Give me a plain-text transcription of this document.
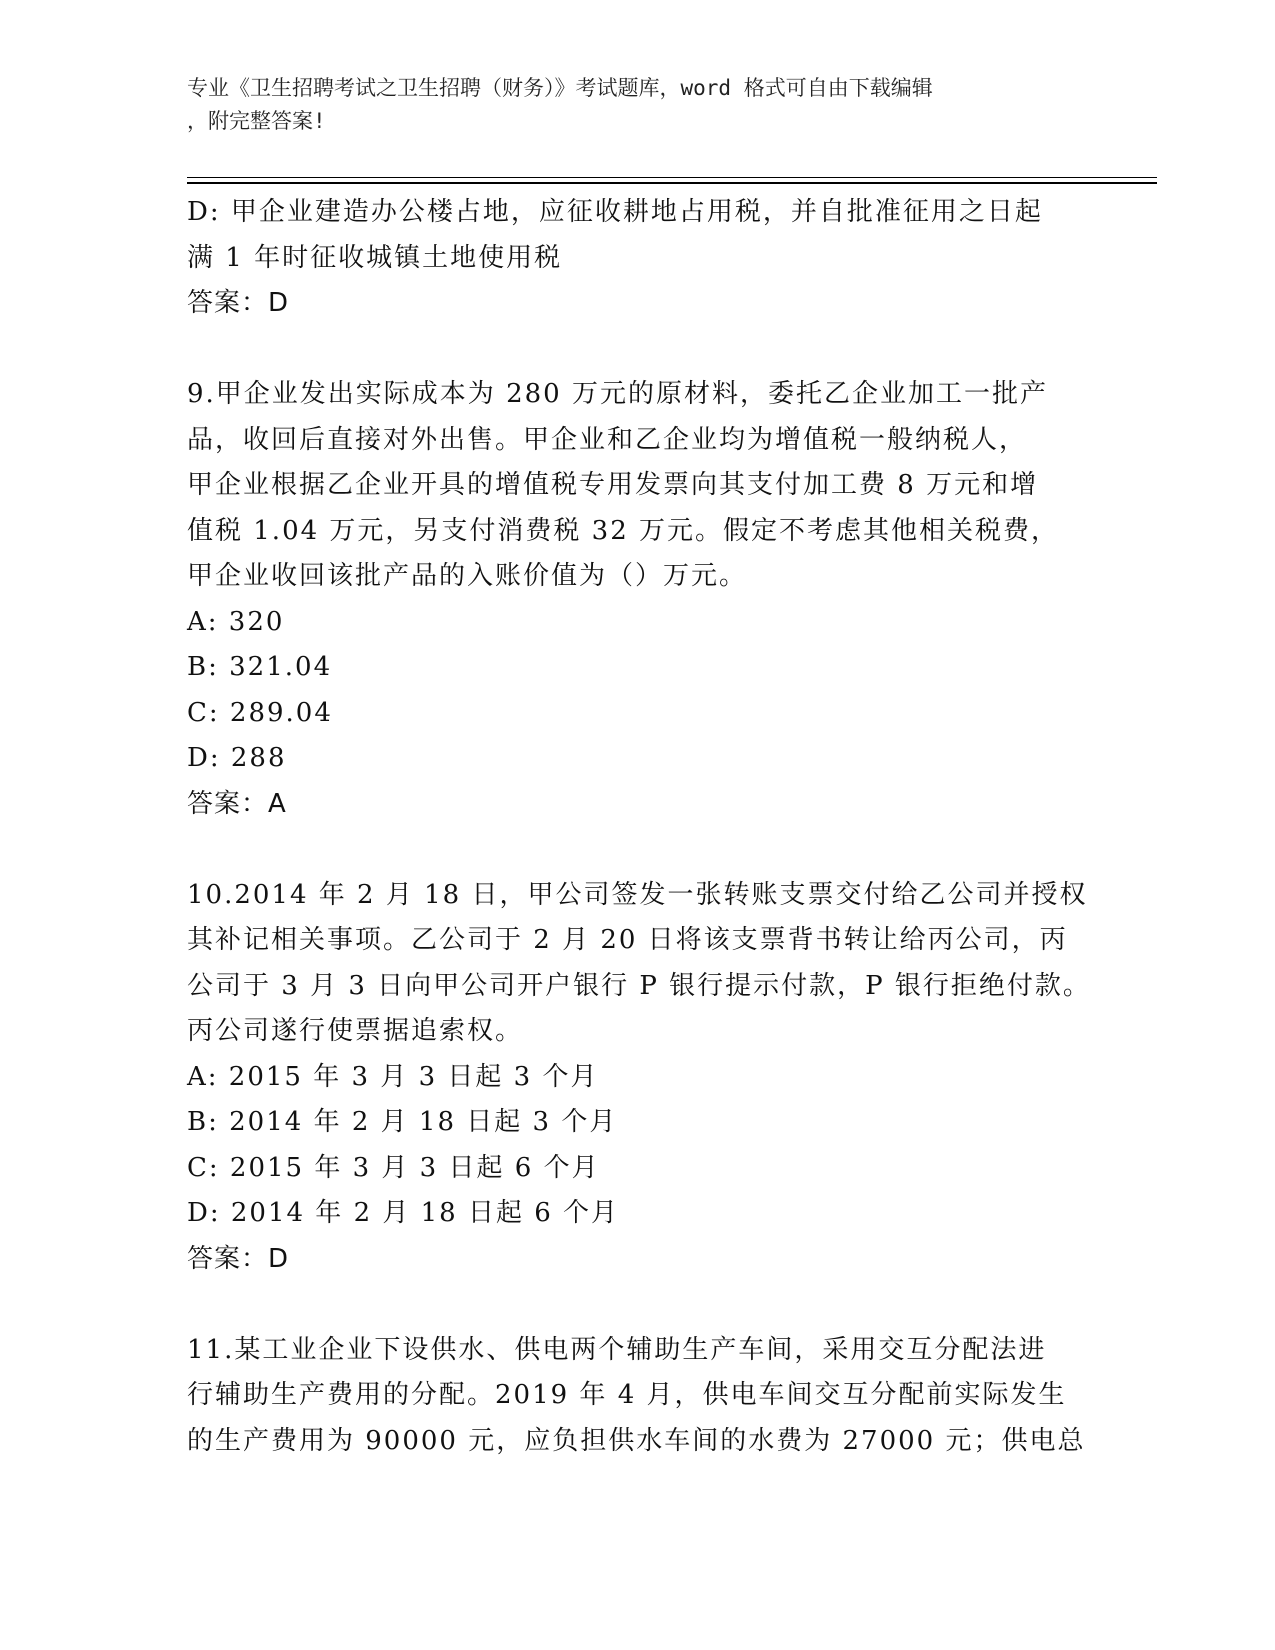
专业《卫生招聘考试之卫生招聘（财务）》考试题库，word 格式可自由下载编辑
，附完整答案!
D: 甲企业建造办公楼占地，应征收耕地占用税，并自批准征用之日起
满 1 年时征收城镇土地使用税
答案：D
9.甲企业发出实际成本为 280 万元的原材料，委托乙企业加工一批产
品，收回后直接对外出售。甲企业和乙企业均为增值税一般纳税人，
甲企业根据乙企业开具的增值税专用发票向其支付加工费 8 万元和增
值税 1.04 万元，另支付消费税 32 万元。假定不考虑其他相关税费，
甲企业收回该批产品的入账价值为（）万元。
A: 320
B: 321.04
C: 289.04
D: 288
答案：A
10.2014 年 2 月 18 日，甲公司签发一张转账支票交付给乙公司并授权
其补记相关事项。乙公司于 2 月 20 日将该支票背书转让给丙公司，丙
公司于 3 月 3 日向甲公司开户银行 P 银行提示付款，P 银行拒绝付款。
丙公司遂行使票据追索权。
A: 2015 年 3 月 3 日起 3 个月
B: 2014 年 2 月 18 日起 3 个月
C: 2015 年 3 月 3 日起 6 个月
D: 2014 年 2 月 18 日起 6 个月
答案：D
11.某工业企业下设供水、供电两个辅助生产车间，采用交互分配法进
行辅助生产费用的分配。2019 年 4 月，供电车间交互分配前实际发生
的生产费用为 90000 元，应负担供水车间的水费为 27000 元；供电总
